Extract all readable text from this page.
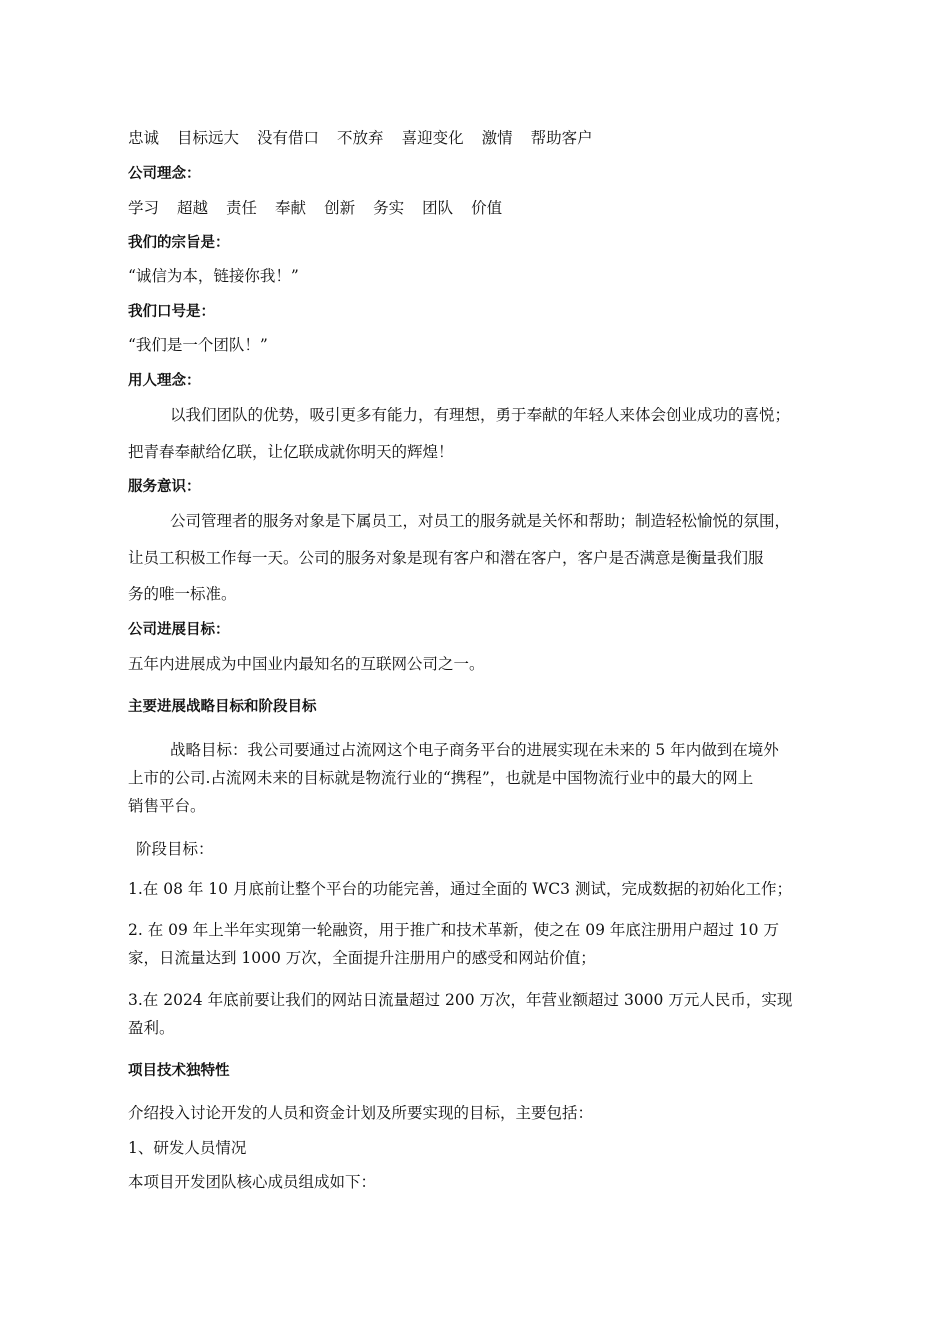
忠诚 目标远大 没有借口 不放弃 喜迎变化 激情 帮助客户
公司理念：
学习 超越 责任 奉献 创新 务实 团队 价值
我们的宗旨是：
“诚信为本，链接你我！”
我们口号是：
“我们是一个团队！”
用人理念：
以我们团队的优势，吸引更多有能力，有理想，勇于奉献的年轻人来体会创业成功的喜悦；
把青春奉献给亿联，让亿联成就你明天的辉煌！
服务意识：
公司管理者的服务对象是下属员工，对员工的服务就是关怀和帮助；制造轻松愉悦的氛围，
让员工积极工作每一天。公司的服务对象是现有客户和潜在客户，客户是否满意是衡量我们服
务的唯一标准。
公司进展目标：
五年内进展成为中国业内最知名的互联网公司之一。
主要进展战略目标和阶段目标
战略目标：我公司要通过占流网这个电子商务平台的进展实现在未来的 5 年内做到在境外
上市的公司.占流网未来的目标就是物流行业的“携程”，也就是中国物流行业中的最大的网上
销售平台。
阶段目标：
1.在 08 年 10 月底前让整个平台的功能完善，通过全面的 WC3 测试，完成数据的初始化工作；
2. 在 09 年上半年实现第一轮融资，用于推广和技术革新，使之在 09 年底注册用户超过 10 万
家，日流量达到 1000 万次，全面提升注册用户的感受和网站价值；
3.在 2024 年底前要让我们的网站日流量超过 200 万次，年营业额超过 3000 万元人民币，实现
盈利。
项目技术独特性
介绍投入讨论开发的人员和资金计划及所要实现的目标，主要包括：
1、研发人员情况
本项目开发团队核心成员组成如下：
